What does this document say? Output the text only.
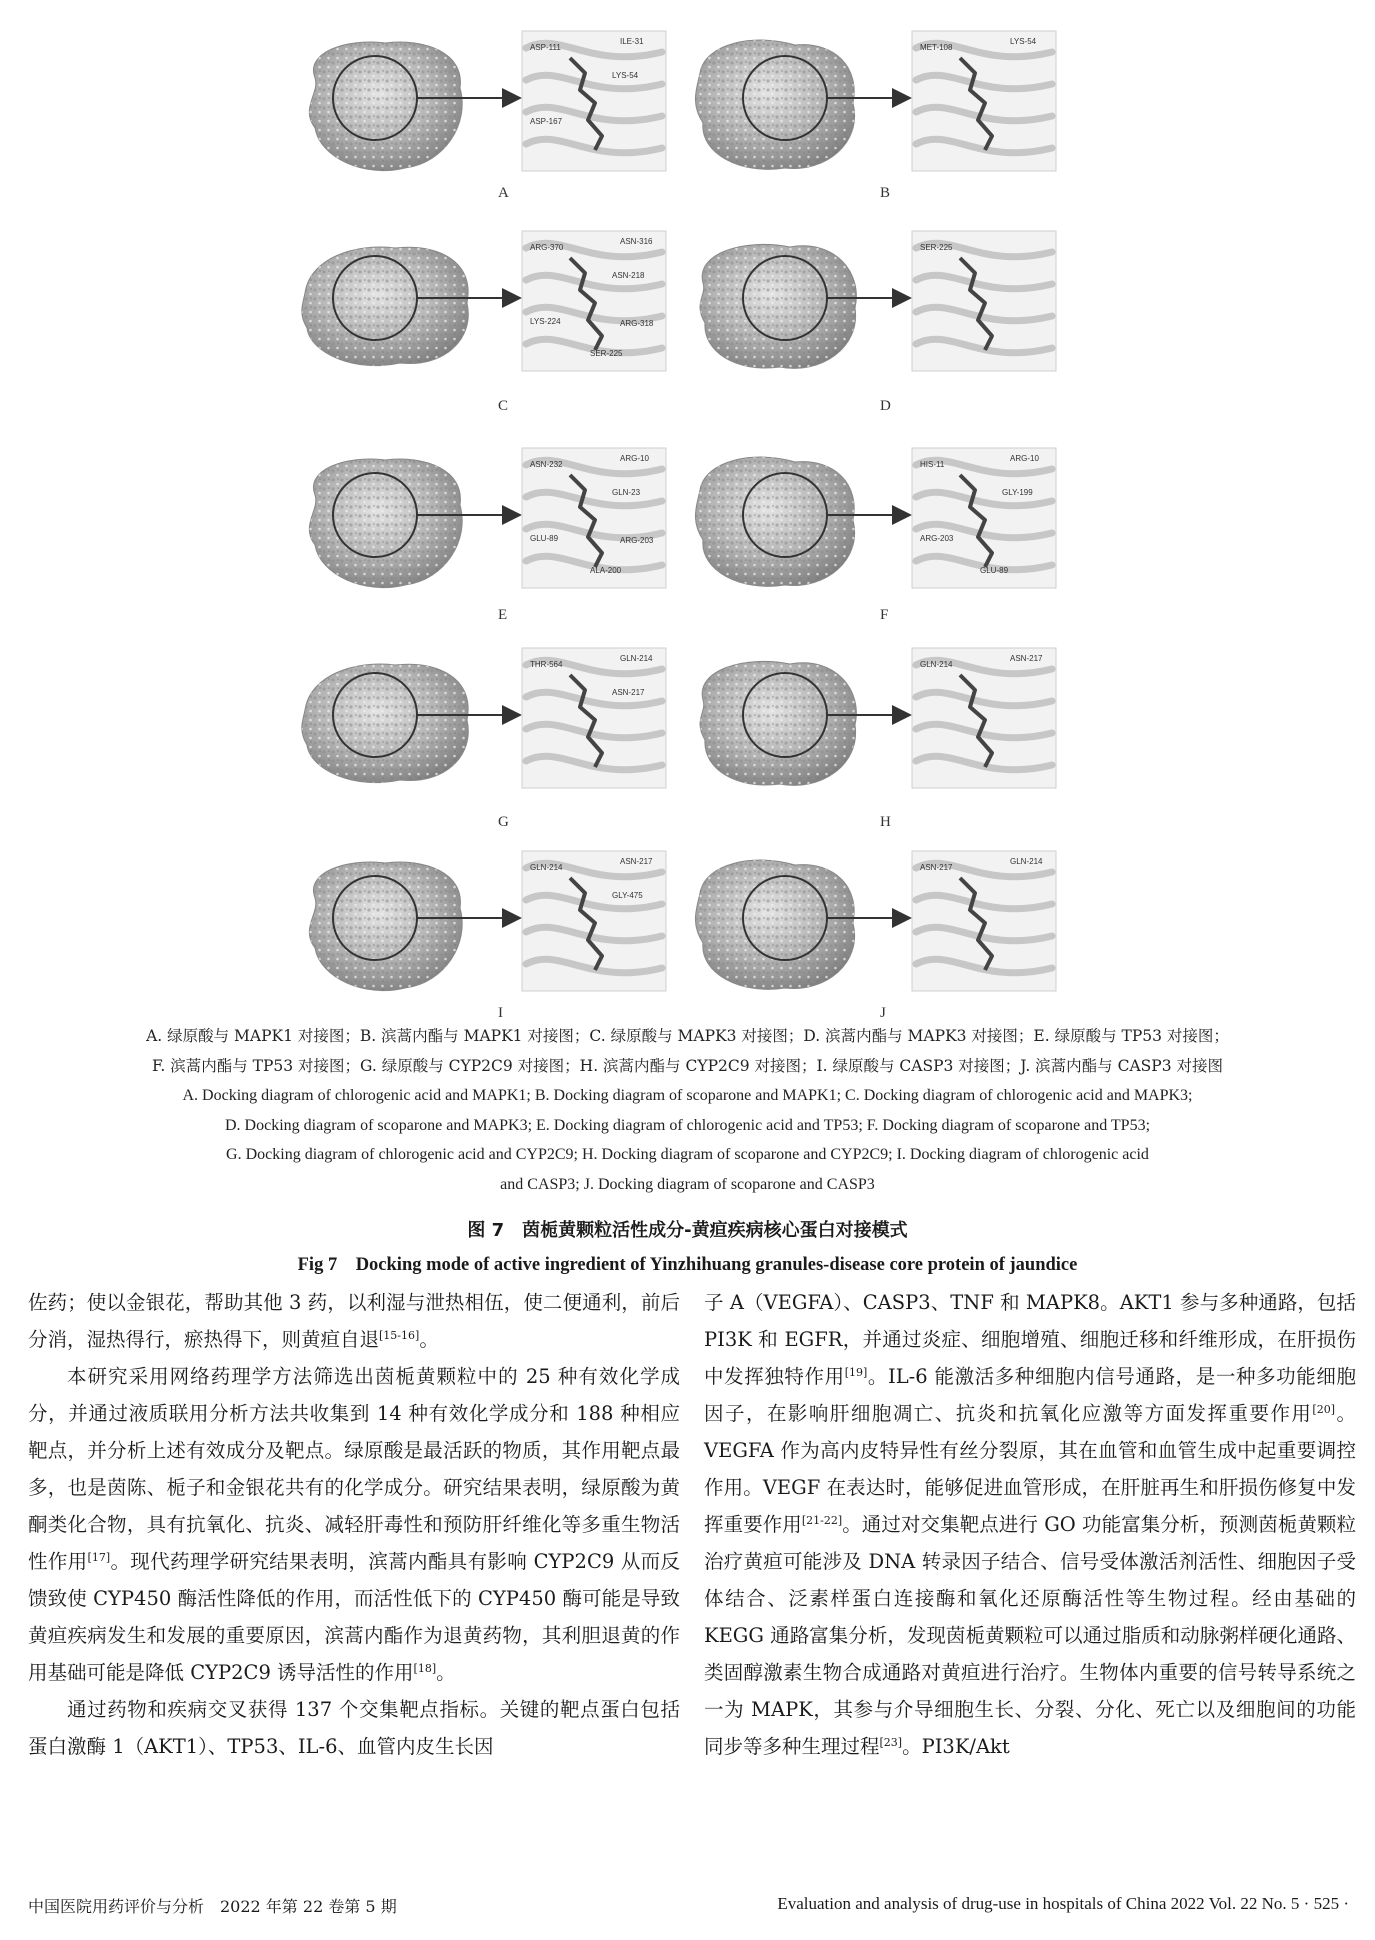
ASP-111
ILE-31
LYS-54
ASP-167
A
MET-108
LYS-54
B
ARG-370
ASN-316
ASN-218
LYS-224
SER-225
ARG-318
C
SER-225
D
ASN-232
ARG-10
GLN-23
GLU-89
ALA-200
ARG-203
E
HIS-11
ARG-10
GLY-199
ARG-203
GLU-89
F
THR-564
GLN-214
ASN-217
G
GLN-214
ASN-217
H
GLN-214
ASN-217
GLY-475
I
ASN-217
GLN-214
J
A. 绿原酸与 MAPK1 对接图；B. 滨蒿内酯与 MAPK1 对接图；C. 绿原酸与 MAPK3 对接图；D. 滨蒿内酯与 MAPK3 对接图；E. 绿原酸与 TP53 对接图；
F. 滨蒿内酯与 TP53 对接图；G. 绿原酸与 CYP2C9 对接图；H. 滨蒿内酯与 CYP2C9 对接图；I. 绿原酸与 CASP3 对接图；J. 滨蒿内酯与 CASP3 对接图
A. Docking diagram of chlorogenic acid and MAPK1; B. Docking diagram of scoparone and MAPK1; C. Docking diagram of chlorogenic acid and MAPK3;
D. Docking diagram of scoparone and MAPK3; E. Docking diagram of chlorogenic acid and TP53; F. Docking diagram of scoparone and TP53;
G. Docking diagram of chlorogenic acid and CYP2C9; H. Docking diagram of scoparone and CYP2C9; I. Docking diagram of chlorogenic acid
and CASP3; J. Docking diagram of scoparone and CASP3
图 7　茵栀黄颗粒活性成分-黄疸疾病核心蛋白对接模式
Fig 7　Docking mode of active ingredient of Yinzhihuang granules-disease core protein of jaundice

佐药；使以金银花，帮助其他 3 药，以利湿与泄热相伍，使二便通利，前后分消，湿热得行，瘀热得下，则黄疸自退[15-16]。

本研究采用网络药理学方法筛选出茵栀黄颗粒中的 25 种有效化学成分，并通过液质联用分析方法共收集到 14 种有效化学成分和 188 种相应靶点，并分析上述有效成分及靶点。绿原酸是最活跃的物质，其作用靶点最多，也是茵陈、栀子和金银花共有的化学成分。研究结果表明，绿原酸为黄酮类化合物，具有抗氧化、抗炎、减轻肝毒性和预防肝纤维化等多重生物活性作用[17]。现代药理学研究结果表明，滨蒿内酯具有影响 CYP2C9 从而反馈致使 CYP450 酶活性降低的作用，而活性低下的 CYP450 酶可能是导致黄疸疾病发生和发展的重要原因，滨蒿内酯作为退黄药物，其利胆退黄的作用基础可能是降低 CYP2C9 诱导活性的作用[18]。

通过药物和疾病交叉获得 137 个交集靶点指标。关键的靶点蛋白包括蛋白激酶 1（AKT1）、TP53、IL-6、血管内皮生长因

子 A（VEGFA）、CASP3、TNF 和 MAPK8。AKT1 参与多种通路，包括 PI3K 和 EGFR，并通过炎症、细胞增殖、细胞迁移和纤维形成，在肝损伤中发挥独特作用[19]。IL-6 能激活多种细胞内信号通路，是一种多功能细胞因子，在影响肝细胞凋亡、抗炎和抗氧化应激等方面发挥重要作用[20]。VEGFA 作为高内皮特异性有丝分裂原，其在血管和血管生成中起重要调控作用。VEGF 在表达时，能够促进血管形成，在肝脏再生和肝损伤修复中发挥重要作用[21-22]。通过对交集靶点进行 GO 功能富集分析，预测茵栀黄颗粒治疗黄疸可能涉及 DNA 转录因子结合、信号受体激活剂活性、细胞因子受体结合、泛素样蛋白连接酶和氧化还原酶活性等生物过程。经由基础的 KEGG 通路富集分析，发现茵栀黄颗粒可以通过脂质和动脉粥样硬化通路、类固醇激素生物合成通路对黄疸进行治疗。生物体内重要的信号转导系统之一为 MAPK，其参与介导细胞生长、分裂、分化、死亡以及细胞间的功能同步等多种生理过程[23]。PI3K/Akt

中国医院用药评价与分析　2022 年第 22 卷第 5 期	Evaluation and analysis of drug-use in hospitals of China 2022 Vol. 22 No. 5 · 525 ·
